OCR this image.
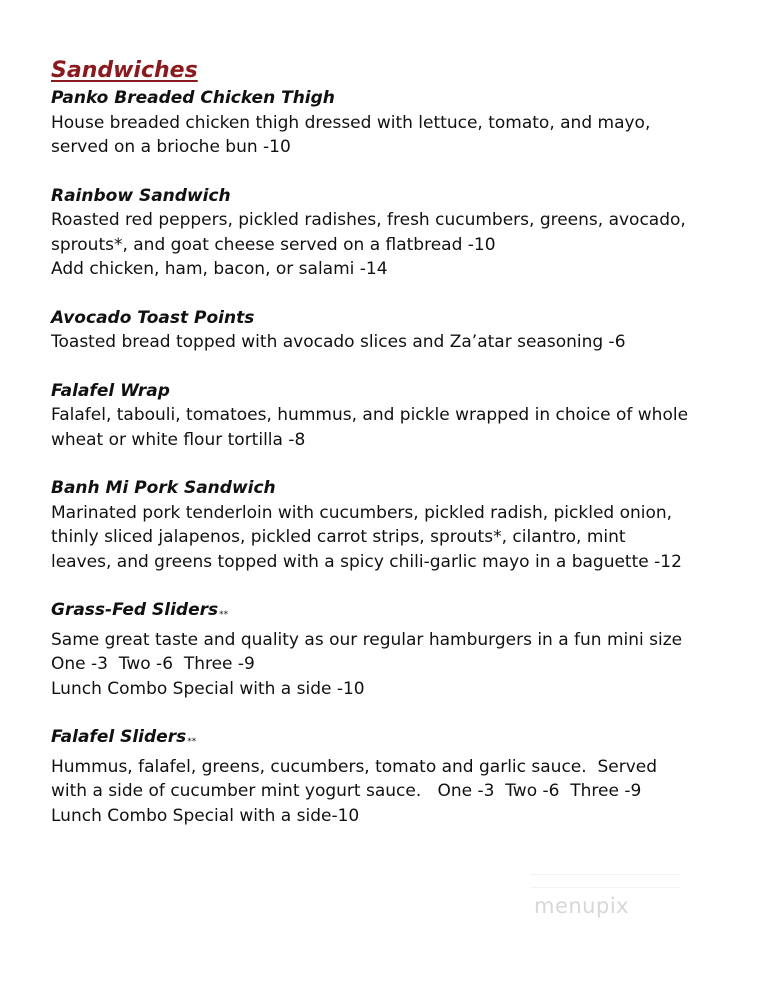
Sandwiches
Panko Breaded Chicken Thigh
House breaded chicken thigh dressed with lettuce, tomato, and mayo,
served on a brioche bun -10
Rainbow Sandwich
Roasted red peppers, pickled radishes, fresh cucumbers, greens, avocado,
sprouts*, and goat cheese served on a flatbread -10
Add chicken, ham, bacon, or salami -14
Avocado Toast Points
Toasted bread topped with avocado slices and Za’atar seasoning -6
Falafel Wrap
Falafel, tabouli, tomatoes, hummus, and pickle wrapped in choice of whole
wheat or white flour tortilla -8
Banh Mi Pork Sandwich
Marinated pork tenderloin with cucumbers, pickled radish, pickled onion,
thinly sliced jalapenos, pickled carrot strips, sprouts*, cilantro, mint
leaves, and greens topped with a spicy chili-garlic mayo in a baguette -12
Grass-Fed Sliders**
Same great taste and quality as our regular hamburgers in a fun mini size
One -3  Two -6  Three -9
Lunch Combo Special with a side -10
Falafel Sliders**
Hummus, falafel, greens, cucumbers, tomato and garlic sauce.  Served
with a side of cucumber mint yogurt sauce.   One -3  Two -6  Three -9
Lunch Combo Special with a side-10
menupix
